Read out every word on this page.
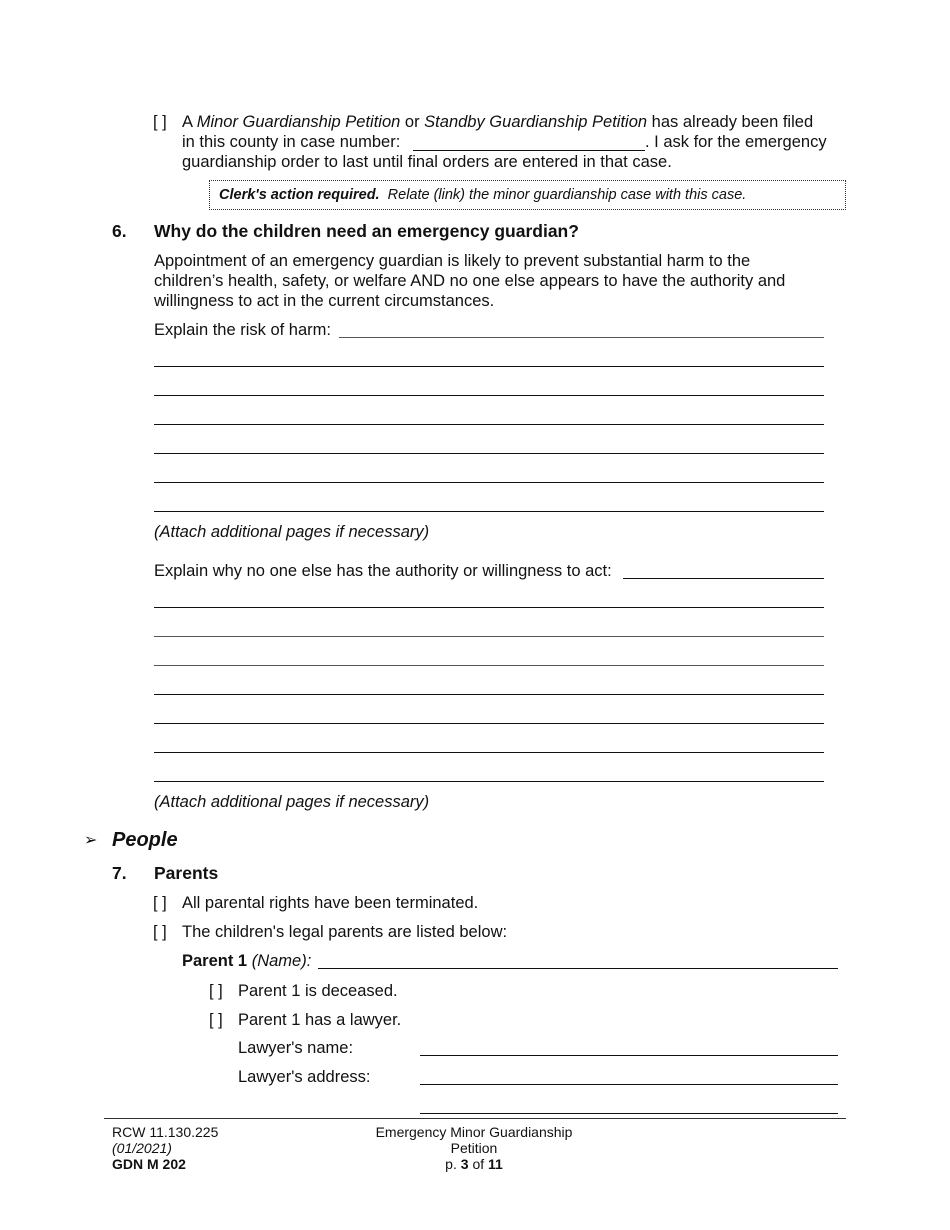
[ ] A Minor Guardianship Petition or Standby Guardianship Petition has already been filed
in this county in case number:	. I ask for the emergency
guardianship order to last until final orders are entered in that case.
Clerk's action required. Relate (link) the minor guardianship case with this case.
6. Why do the children need an emergency guardian?
Appointment of an emergency guardian is likely to prevent substantial harm to the
children’s health, safety, or welfare AND no one else appears to have the authority and
willingness to act in the current circumstances.
Explain the risk of harm:
(Attach additional pages if necessary)
Explain why no one else has the authority or willingness to act:
(Attach additional pages if necessary)
➢ People
7. Parents
[ ] All parental rights have been terminated.
[ ] The children's legal parents are listed below:
Parent 1 (Name):
[ ] Parent 1 is deceased.
[ ] Parent 1 has a lawyer.
Lawyer's name:
Lawyer's address:
RCW 11.130.225
(01/2021)
GDN M 202
Emergency Minor Guardianship
Petition
p. 3 of 11
